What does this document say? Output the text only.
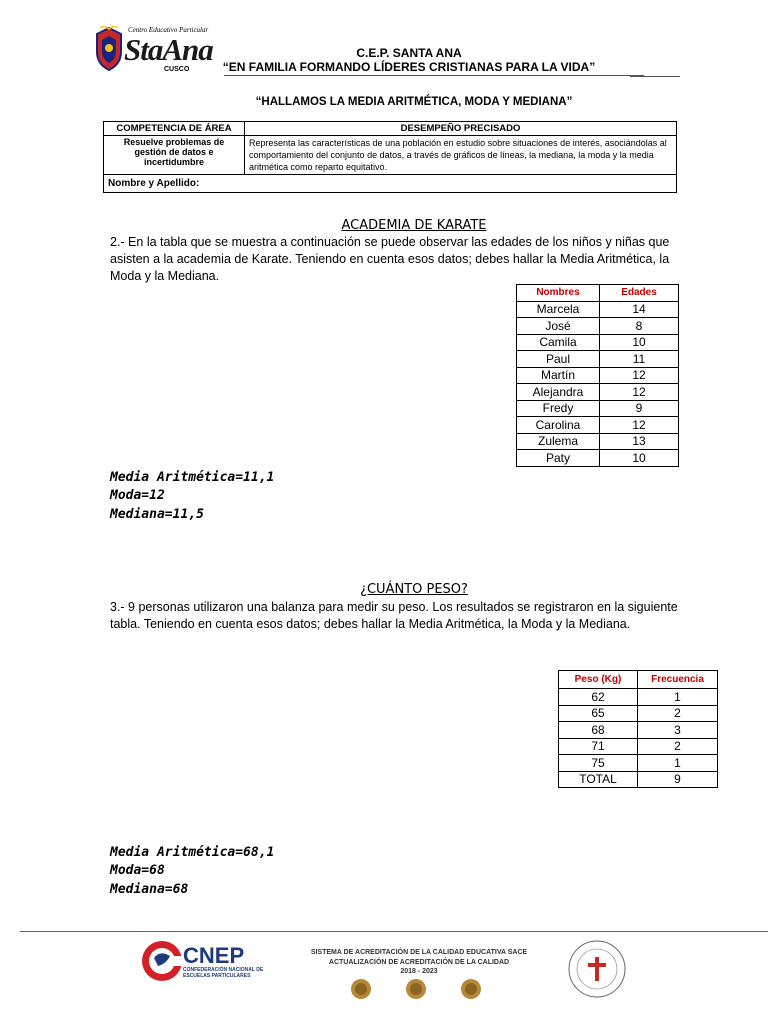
Centro Educativo Particular
StaAna
CUSCO
C.E.P. SANTA ANA
“EN FAMILIA FORMANDO LÍDERES CRISTIANAS PARA LA VIDA”
“HALLAMOS LA MEDIA ARITMÉTICA, MODA Y MEDIANA”
COMPETENCIA DE ÁREA	DESEMPEÑO PRECISADO
Resuelve problemas de gestión de datos e incertidumbre	Representa las características de una población en estudio sobre situaciones de interés, asociándolas al comportamiento del conjunto de datos, a través de gráficos de líneas, la mediana, la moda y la media aritmética como reparto equitativo.
Nombre y Apellido:	
ACADEMIA DE KARATE
2.- En la tabla que se muestra a continuación se puede observar las edades de los niños y niñas que asisten a la academia de Karate. Teniendo en cuenta esos datos; debes hallar la Media Aritmética, la Moda y la Mediana.
Nombres	Edades
Marcela	14
José	8
Camila	10
Paul	11
Martín	12
Alejandra	12
Fredy	9
Carolina	12
Zulema	13
Paty	10
Media Aritmética=11,1
Moda=12
Mediana=11,5
¿CUÁNTO PESO?
3.- 9 personas utilizaron una balanza para medir su peso. Los resultados se registraron en la siguiente tabla. Teniendo en cuenta esos datos; debes hallar la Media Aritmética, la Moda y la Mediana.
Peso (Kg)	Frecuencia
62	1
65	2
68	3
71	2
75	1
TOTAL	9
Media Aritmética=68,1
Moda=68
Mediana=68
CNEP
CONFEDERACIÓN NACIONAL DE ESCUELAS PARTICULARES
SISTEMA DE ACREDITACIÓN DE LA CALIDAD EDUCATIVA SACE
ACTUALIZACIÓN DE ACREDITACIÓN DE LA CALIDAD
2018 - 2023
